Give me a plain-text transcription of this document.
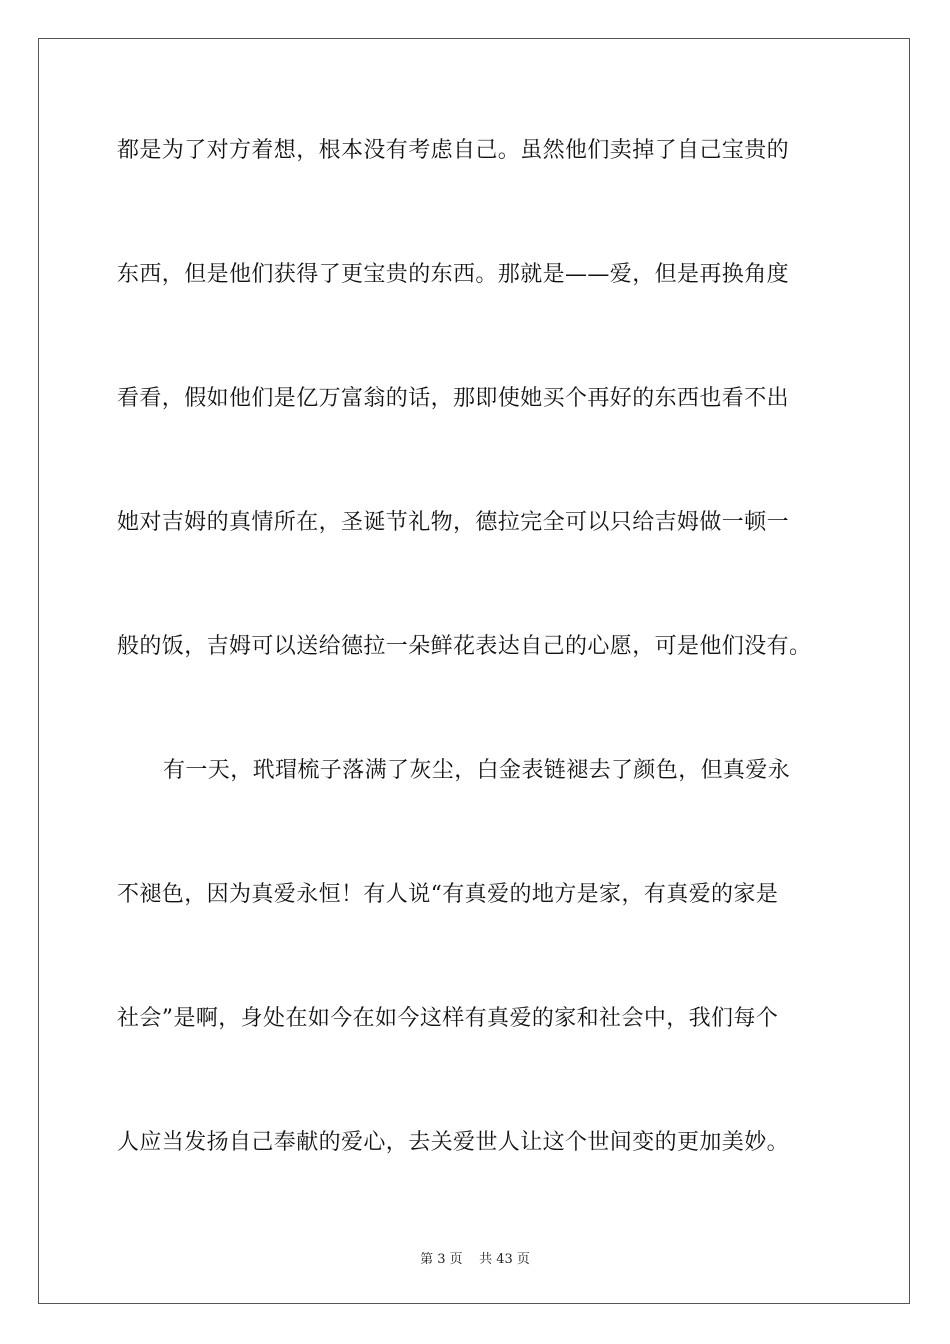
都是为了对方着想，根本没有考虑自己。虽然他们卖掉了自己宝贵的
东西，但是他们获得了更宝贵的东西。那就是——爱，但是再换角度
看看，假如他们是亿万富翁的话，那即使她买个再好的东西也看不出
她对吉姆的真情所在，圣诞节礼物，德拉完全可以只给吉姆做一顿一
般的饭，吉姆可以送给德拉一朵鲜花表达自己的心愿，可是他们没有。
有一天，玳瑁梳子落满了灰尘，白金表链褪去了颜色，但真爱永
不褪色，因为真爱永恒！有人说“有真爱的地方是家，有真爱的家是
社会”是啊，身处在如今在如今这样有真爱的家和社会中，我们每个
人应当发扬自己奉献的爱心，去关爱世人让这个世间变的更加美妙。
第 3 页    共 43 页
